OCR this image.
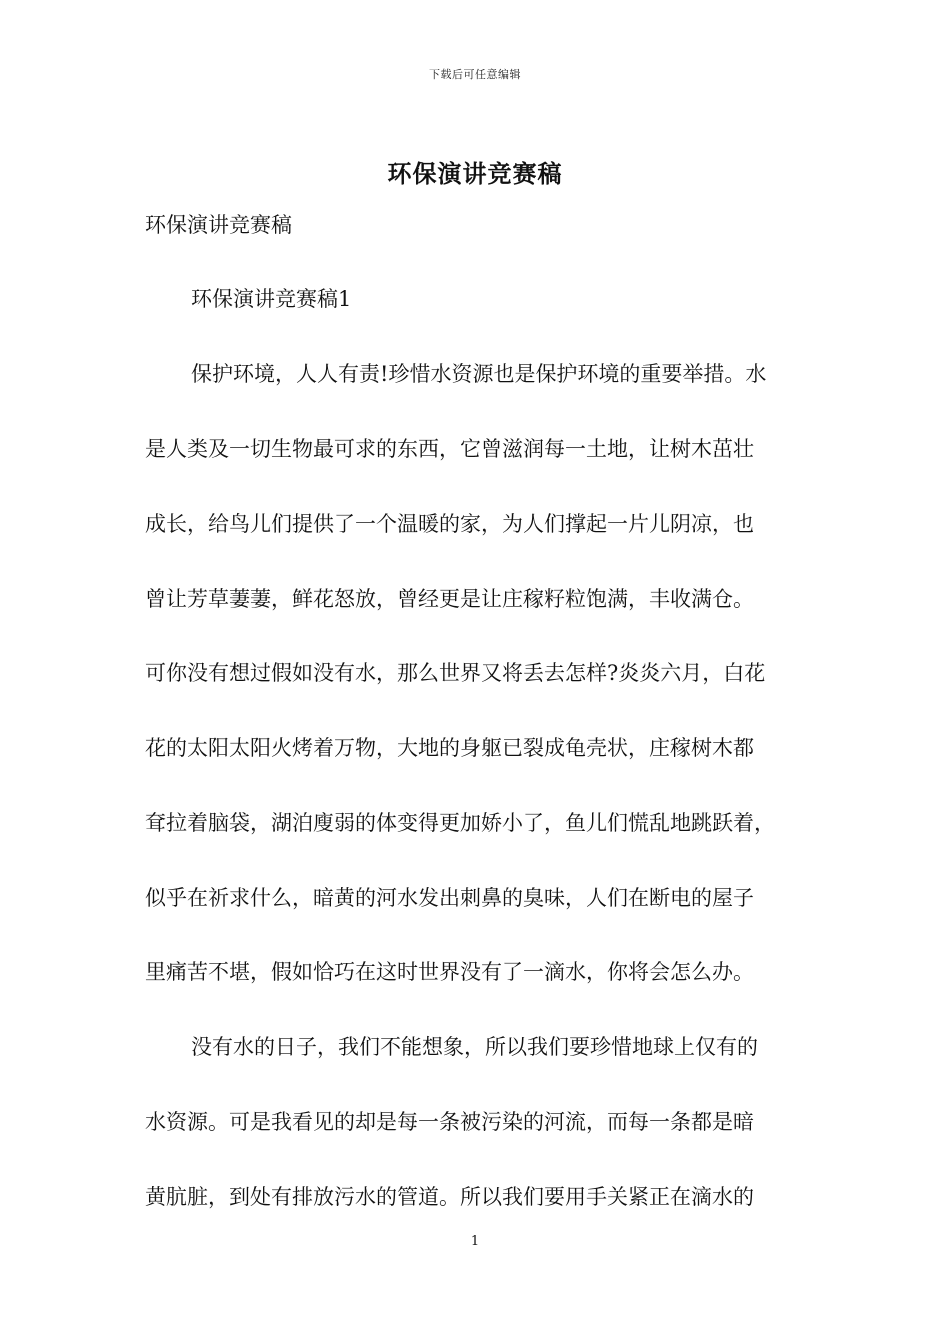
下载后可任意编辑
环保演讲竞赛稿
环保演讲竞赛稿
环保演讲竞赛稿1
保护环境，人人有责!珍惜水资源也是保护环境的重要举措。水
是人类及一切生物最可求的东西，它曾滋润每一土地，让树木茁壮
成长，给鸟儿们提供了一个温暖的家，为人们撑起一片儿阴凉，也
曾让芳草萋萋，鲜花怒放，曾经更是让庄稼籽粒饱满，丰收满仓。
可你没有想过假如没有水，那么世界又将丢去怎样?炎炎六月，白花
花的太阳太阳火烤着万物，大地的身躯已裂成龟壳状，庄稼树木都
耷拉着脑袋，湖泊廋弱的体变得更加娇小了，鱼儿们慌乱地跳跃着，
似乎在祈求什么，暗黄的河水发出刺鼻的臭味，人们在断电的屋子
里痛苦不堪，假如恰巧在这时世界没有了一滴水，你将会怎么办。
没有水的日子，我们不能想象，所以我们要珍惜地球上仅有的
水资源。可是我看见的却是每一条被污染的河流，而每一条都是暗
黄肮脏，到处有排放污水的管道。所以我们要用手关紧正在滴水的
1
